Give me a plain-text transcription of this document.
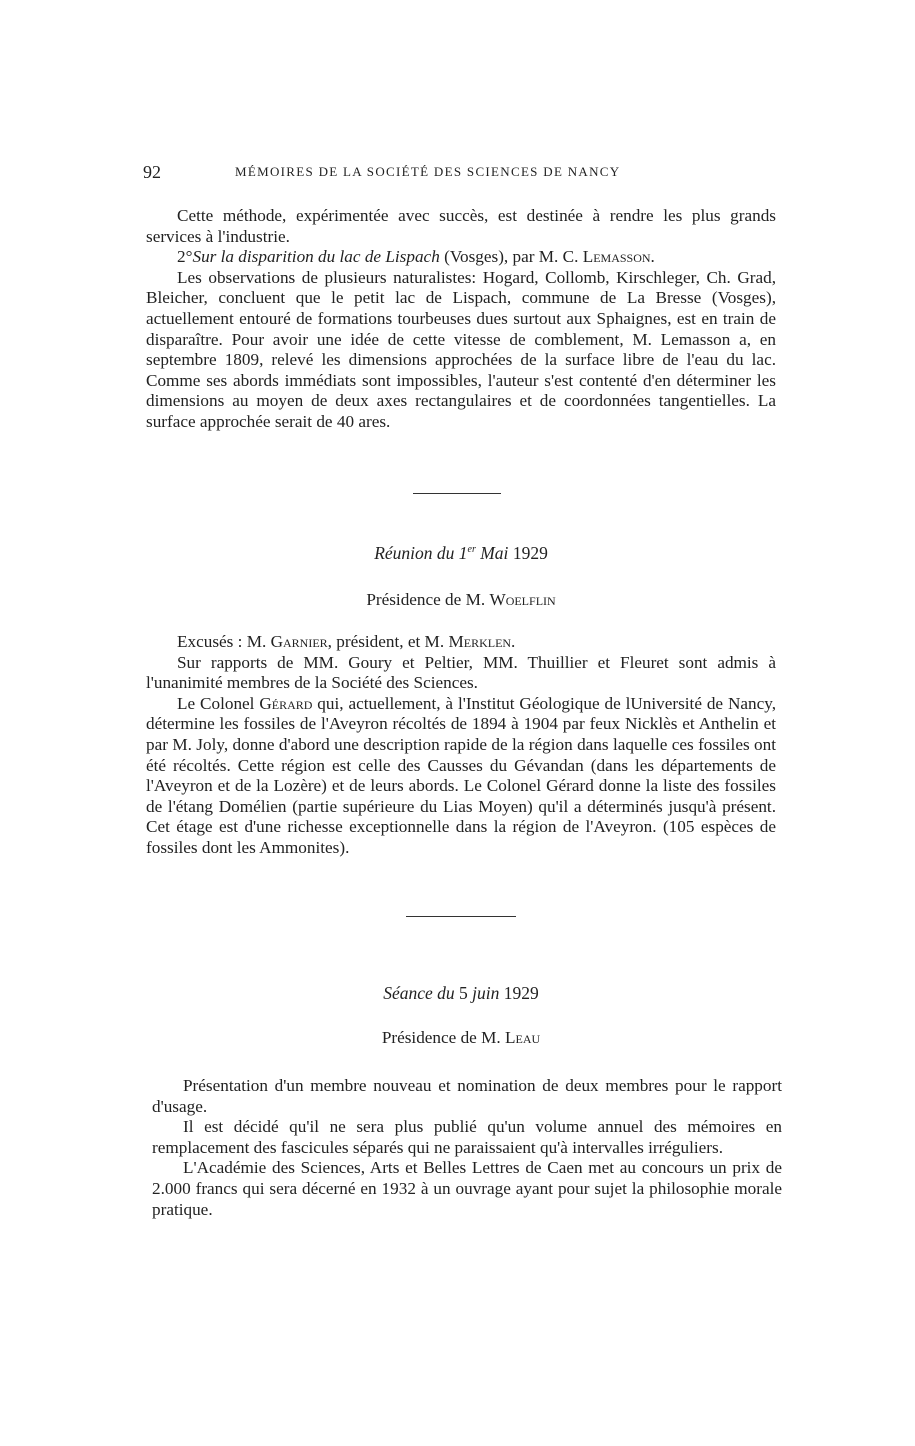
92	MÉMOIRES DE LA SOCIÉTÉ DES SCIENCES DE NANCY

Cette méthode, expérimentée avec succès, est destinée à rendre les plus grands services à l'industrie.

2°Sur la disparition du lac de Lispach (Vosges), par M. C. Lemasson.

Les observations de plusieurs naturalistes: Hogard, Collomb, Kirschleger, Ch. Grad, Bleicher, concluent que le petit lac de Lispach, commune de La Bresse (Vosges), actuellement entouré de formations tourbeuses dues surtout aux Sphaignes, est en train de disparaître. Pour avoir une idée de cette vitesse de comblement, M. Lemasson a, en septembre 1809, relevé les dimensions approchées de la surface libre de l'eau du lac. Comme ses abords immédiats sont impossibles, l'auteur s'est contenté d'en déterminer les dimensions au moyen de deux axes rectangulaires et de coordonnées tangentielles. La surface approchée serait de 40 ares.

Réunion du 1er Mai 1929
Présidence de M. Woelflin

Excusés : M. Garnier, président, et M. Merklen.

Sur rapports de MM. Goury et Peltier, MM. Thuillier et Fleuret sont admis à l'unanimité membres de la Société des Sciences.

Le Colonel Gérard qui, actuellement, à l'Institut Géologique de lUniversité de Nancy, détermine les fossiles de l'Aveyron récoltés de 1894 à 1904 par feux Nicklès et Anthelin et par M. Joly, donne d'abord une description rapide de la région dans laquelle ces fossiles ont été récoltés. Cette région est celle des Causses du Gévandan (dans les départements de l'Aveyron et de la Lozère) et de leurs abords. Le Colonel Gérard donne la liste des fossiles de l'étang Domélien (partie supérieure du Lias Moyen) qu'il a déterminés jusqu'à présent. Cet étage est d'une richesse exceptionnelle dans la région de l'Aveyron. (105 espèces de fossiles dont les Ammonites).

Séance du 5 juin 1929
Présidence de M. Leau

Présentation d'un membre nouveau et nomination de deux membres pour le rapport d'usage.

Il est décidé qu'il ne sera plus publié qu'un volume annuel des mémoires en remplacement des fascicules séparés qui ne paraissaient qu'à intervalles irréguliers.

L'Académie des Sciences, Arts et Belles Lettres de Caen met au concours un prix de 2.000 francs qui sera décerné en 1932 à un ouvrage ayant pour sujet la philosophie morale pratique.
